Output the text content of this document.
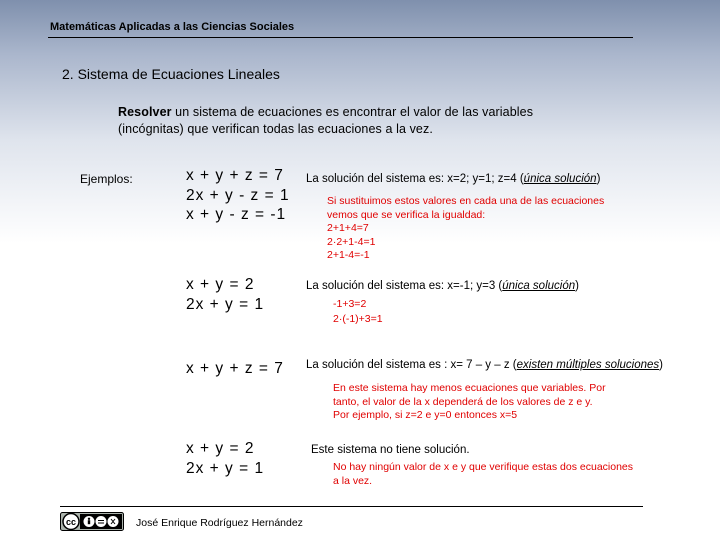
Matemáticas Aplicadas a las Ciencias Sociales
2. Sistema de Ecuaciones Lineales
Resolver un sistema de ecuaciones es encontrar el valor de las variables
(incógnitas) que verifican todas las ecuaciones a la vez.
Ejemplos:	x + y + z = 7
2x + y - z = 1
x + y - z = -1
La solución del sistema es: x=2; y=1; z=4 (única solución)
Si sustituimos estos valores en cada una de las ecuaciones
vemos que se verifica la igualdad:
2+1+4=7
2·2+1-4=1
2+1-4=-1
x + y = 2
2x + y = 1
La solución del sistema es: x=-1; y=3 (única solución)
-1+3=2
2·(-1)+3=1
x + y + z = 7 La solución del sistema es : x= 7 – y – z (existen múltiples soluciones)
En este sistema hay menos ecuaciones que variables. Por
tanto, el valor de la x dependerá de los valores de z e y.
Por ejemplo, si z=2 e y=0 entonces x=5
x + y = 2
2x + y = 1
Este sistema no tiene solución.
No hay ningún valor de x e y que verifique estas dos ecuaciones
a la vez.
cc	José Enrique Rodríguez Hernández
